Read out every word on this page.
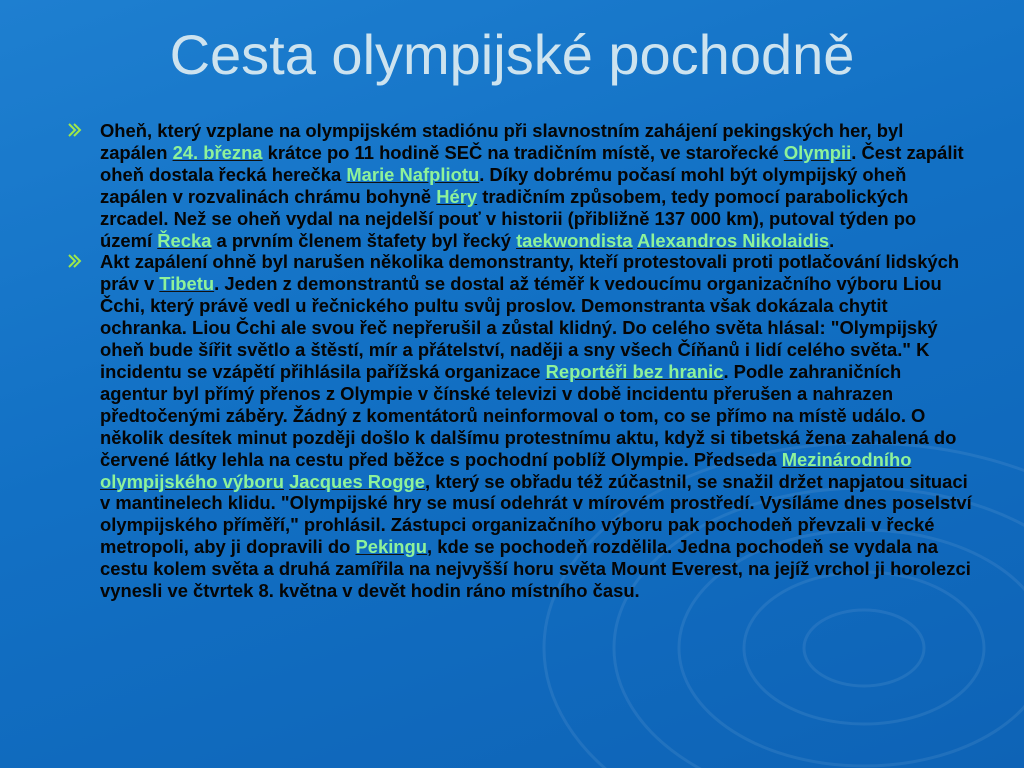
Cesta olympijské pochodně
Oheň, který vzplane na olympijském stadiónu při slavnostním zahájení pekingských her, byl zapálen 24. března krátce po 11 hodině SEČ na tradičním místě, ve starořecké Olympii. Čest zapálit oheň dostala řecká herečka Marie Nafpliotu. Díky dobrému počasí mohl být olympijský oheň zapálen v rozvalinách chrámu bohyně Héry tradičním způsobem, tedy pomocí parabolických zrcadel. Než se oheň vydal na nejdelší pouť v historii (přibližně 137 000 km), putoval týden po území Řecka a prvním členem štafety byl řecký taekwondista Alexandros Nikolaidis.
Akt zapálení ohně byl narušen několika demonstranty, kteří protestovali proti potlačování lidských práv v Tibetu. Jeden z demonstrantů se dostal až téměř k vedoucímu organizačního výboru Liou Čchi, který právě vedl u řečnického pultu svůj proslov. Demonstranta však dokázala chytit ochranka. Liou Čchi ale svou řeč nepřerušil a zůstal klidný. Do celého světa hlásal: "Olympijský oheň bude šířit světlo a štěstí, mír a přátelství, naději a sny všech Číňanů i lidí celého světa." K incidentu se vzápětí přihlásila pařížská organizace Reportéři bez hranic. Podle zahraničních agentur byl přímý přenos z Olympie v čínské televizi v době incidentu přerušen a nahrazen předtočenými záběry. Žádný z komentátorů neinformoval o tom, co se přímo na místě událo. O několik desítek minut později došlo k dalšímu protestnímu aktu, když si tibetská žena zahalená do červené látky lehla na cestu před běžce s pochodní poblíž Olympie. Předseda Mezinárodního olympijského výboru Jacques Rogge, který se obřadu též zúčastnil, se snažil držet napjatou situaci v mantinelech klidu. "Olympijské hry se musí odehrát v mírovém prostředí. Vysíláme dnes poselství olympijského příměří," prohlásil. Zástupci organizačního výboru pak pochodeň převzali v řecké metropoli, aby ji dopravili do Pekingu, kde se pochodeň rozdělila. Jedna pochodeň se vydala na cestu kolem světa a druhá zamířila na nejvyšší horu světa Mount Everest, na jejíž vrchol ji horolezci vynesli ve čtvrtek 8. května v devět hodin ráno místního času.
